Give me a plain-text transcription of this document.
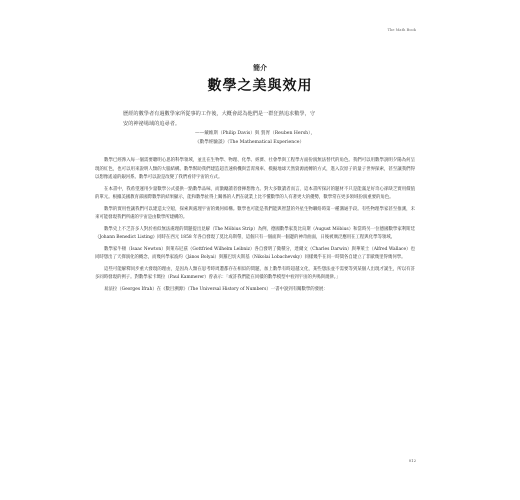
The Math Book
簡介
數學之美與效用

歷經的數學者有過數學家所從事的工作後，大概會認為他們是一群狂熱追求數學，守

安的神祕場域的追尋者。

——戴維斯（Philip Davis）與 賀胥（Reuben Hersh），
《數學經驗談》（The Mathematical Experience）

數學已經滲入每一個需要聰明心思的科學領域，並且在生物學、物理、化學、經濟、社會學與工程學方面扮演無法替代的角色。我們可以用數學說明夕陽為何呈現的紅色，也可以用來說明人類的大腦結構。數學幫助我們建造超音速飛機與雲霄飛車、模擬地球天然資源流轉的方式，進入次原子的量子世界探索，甚至讓我們得以想像遙遠的銀河系。數學可以說是改變了我們看待宇宙的方式。

在本書中，我希望運用少量數學公式提供一點數學品味，而激勵讀者發揮想像力。對大多數讀者而言，這本書所探討的題材不只是能滿足好奇心卻缺乏實用價值的單元。根據美國教育部國際數學的結果顯示，能和數學扯得上關係的人們在就業上比不懂數學的人有著更大的優勢，數學常在更多領域扮演重要的角色。

數學的實用性讓我們可以建造太空船，探索與處理宇宙的幾何結構。數學也可能是我們能與智慧的外星生物聯絡時第一種溝通手段。有些物理學家甚至推測，未來可能發現我們所處的宇宙是由數學所建構的。

數學史上不乏許多人對於看似無法處理的問題提出見解（The Möbius Strip）為例，德國數學家莫比烏斯（August Möbius）和當時另一位德國數學家利斯廷（Johann Benedict Listing）同時在西元 1858 年各自發現了莫比烏斯帶，這個只有一個面與一個邊的神奇曲面，日後被廣泛應用在工程與化學等領域。

數學家牛頓（Isaac Newton）與萊布尼茲（Gottfried Wilhelm Leibniz）各自發明了微積分，達爾文（Charles Darwin）與華萊士（Alfred Wallace）也同時想出了天擇演化的概念，而幾何學家波約（János Bolyai）與羅巴切夫斯基（Nikolai Lobachevsky）同樣幾乎在同一時間各自建立了非歐幾里得幾何學。

這些可能解釋同步重大發現的理由，是因為人類在思考時周遭都存在相似的問題，加上數學有時超越文化，某些想法並不需要等到某個人出現才誕生，所以有許多同時發現的例子。對數學家卡瑪拉（Paul Kammerer）曾表示：「或許我們能在同樣的數學模型中看到宇宙的共鳴與規律。」

易法拉（Georges Ifrah）在《數目溯源》（The Universal History of Numbers）一書中說到有關數學的發展：

012
